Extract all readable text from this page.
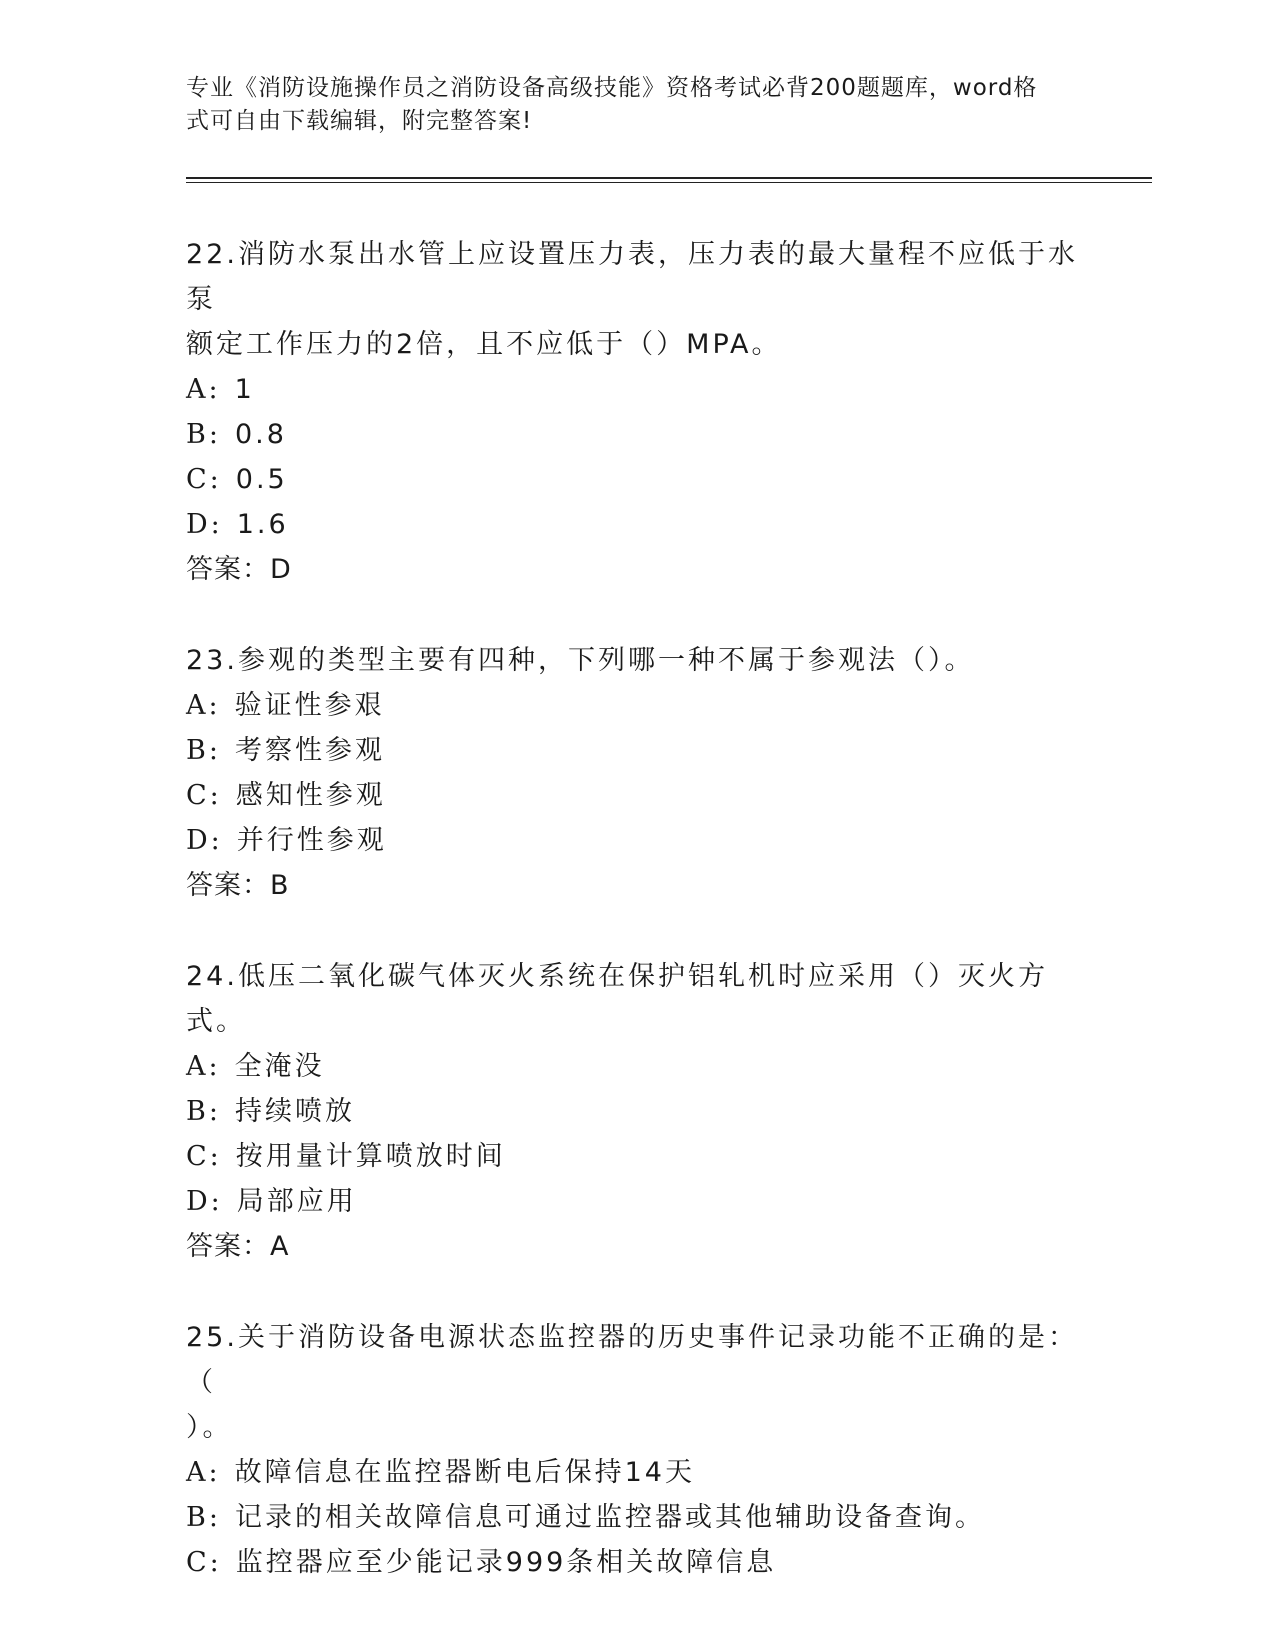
专业《消防设施操作员之消防设备高级技能》资格考试必背200题题库，word格
式可自由下载编辑，附完整答案!

22.消防水泵出水管上应设置压力表，压力表的最大量程不应低于水泵

额定工作压力的2倍，且不应低于（）MPA。

A: 1

B: 0.8

C: 0.5

D: 1.6

答案：D

23.参观的类型主要有四种，下列哪一种不属于参观法（）。

A: 验证性参艰

B: 考察性参观

C: 感知性参观

D: 并行性参观

答案：B

24.低压二氧化碳气体灭火系统在保护铝轧机时应采用（）灭火方式。

A: 全淹没

B: 持续喷放

C: 按用量计算喷放时间

D: 局部应用

答案：A

25.关于消防设备电源状态监控器的历史事件记录功能不正确的是：（

）。

A: 故障信息在监控器断电后保持14天

B: 记录的相关故障信息可通过监控器或其他辅助设备查询。

C: 监控器应至少能记录999条相关故障信息
